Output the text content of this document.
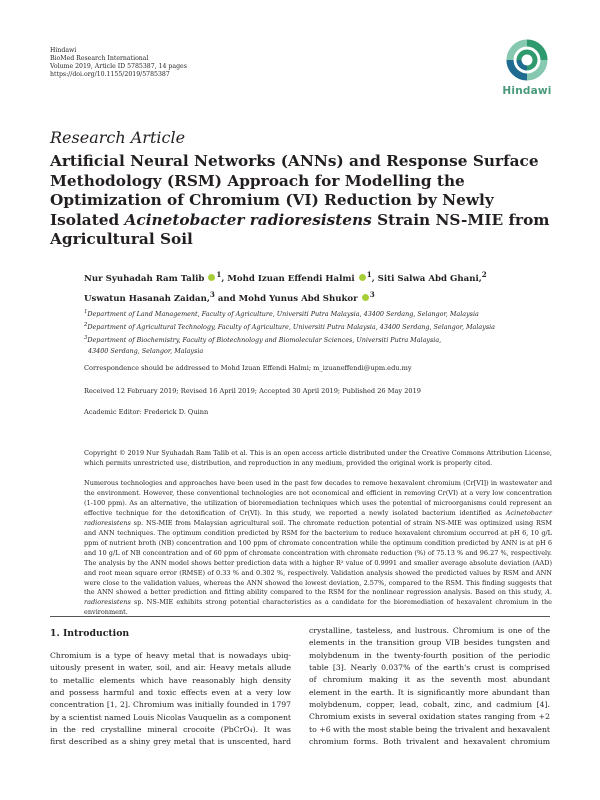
Hindawi
BioMed Research International
Volume 2019, Article ID 5785387, 14 pages
https://doi.org/10.1155/2019/5785387
Hindawi
Research Article
Artificial Neural Networks (ANNs) and Response Surface Methodology (RSM) Approach for Modelling the Optimization of Chromium (VI) Reduction by Newly Isolated Acinetobacter radioresistens Strain NS-MIE from Agricultural Soil
Nur Syuhadah Ram Talib $^1$, Mohd Izuan Effendi Halmi $^1$, Siti Salwa Abd Ghani,$^2$
Uswatun Hasanah Zaidan,$^3$ and Mohd Yunus Abd Shukor $^3$
$^1$Department of Land Management, Faculty of Agriculture, Universiti Putra Malaysia, 43400 Serdang, Selangor, Malaysia
$^2$Department of Agricultural Technology, Faculty of Agriculture, Universiti Putra Malaysia, 43400 Serdang, Selangor, Malaysia
$^3$Department of Biochemistry, Faculty of Biotechnology and Biomolecular Sciences, Universiti Putra Malaysia,
43400 Serdang, Selangor, Malaysia
Correspondence should be addressed to Mohd Izuan Effendi Halmi; m_izuaneffendi@upm.edu.my
Received 12 February 2019; Revised 16 April 2019; Accepted 30 April 2019; Published 26 May 2019
Academic Editor: Frederick D. Quinn
Copyright © 2019 Nur Syuhadah Ram Talib et al. This is an open access article distributed under the Creative Commons Attribution License, which permits unrestricted use, distribution, and reproduction in any medium, provided the original work is properly cited.
Numerous technologies and approaches have been used in the past few decades to remove hexavalent chromium (Cr[VI]) in wastewater and the environment. However, these conventional technologies are not economical and efficient in removing Cr(VI) at a very low concentration (1-100 ppm). As an alternative, the utilization of bioremediation techniques which uses the potential of microorganisms could represent an effective technique for the detoxification of Cr(VI). In this study, we reported a newly isolated bacterium identified as Acinetobacter radioresistens sp. NS-MIE from Malaysian agricultural soil. The chromate reduction potential of strain NS-MIE was optimized using RSM and ANN techniques. The optimum condition predicted by RSM for the bacterium to reduce hexavalent chromium occurred at pH 6, 10 g/L ppm of nutrient broth (NB) concentration and 100 ppm of chromate concentration while the optimum condition predicted by ANN is at pH 6 and 10 g/L of NB concentration and of 60 ppm of chromate concentration with chromate reduction (%) of 75.13 % and 96.27 %, respectively. The analysis by the ANN model shows better prediction data with a higher R² value of 0.9991 and smaller average absolute deviation (AAD) and root mean square error (RMSE) of 0.33 % and 0.302 %, respectively. Validation analysis showed the predicted values by RSM and ANN were close to the validation values, whereas the ANN showed the lowest deviation, 2.57%, compared to the RSM. This finding suggests that the ANN showed a better prediction and fitting ability compared to the RSM for the nonlinear regression analysis. Based on this study, A. radioresistens sp. NS-MIE exhibits strong potential characteristics as a candidate for the bioremediation of hexavalent chromium in the environment.
1. Introduction
Chromium is a type of heavy metal that is nowadays ubiq-
uitously present in water, soil, and air. Heavy metals allude
to metallic elements which have reasonably high density
and possess harmful and toxic effects even at a very low
concentration [1, 2]. Chromium was initially founded in 1797
by a scientist named Louis Nicolas Vauquelin as a component
in the red crystalline mineral crocoite (PbCrO₄). It was
first described as a shiny grey metal that is unscented, hard
crystalline, tasteless, and lustrous. Chromium is one of the
elements in the transition group VIB besides tungsten and
molybdenum in the twenty-fourth position of the periodic
table [3]. Nearly 0.037% of the earth's crust is comprised
of chromium making it as the seventh most abundant
element in the earth. It is significantly more abundant than
molybdenum, copper, lead, cobalt, zinc, and cadmium [4].
Chromium exists in several oxidation states ranging from +2
to +6 with the most stable being the trivalent and hexavalent
chromium forms. Both trivalent and hexavalent chromium
